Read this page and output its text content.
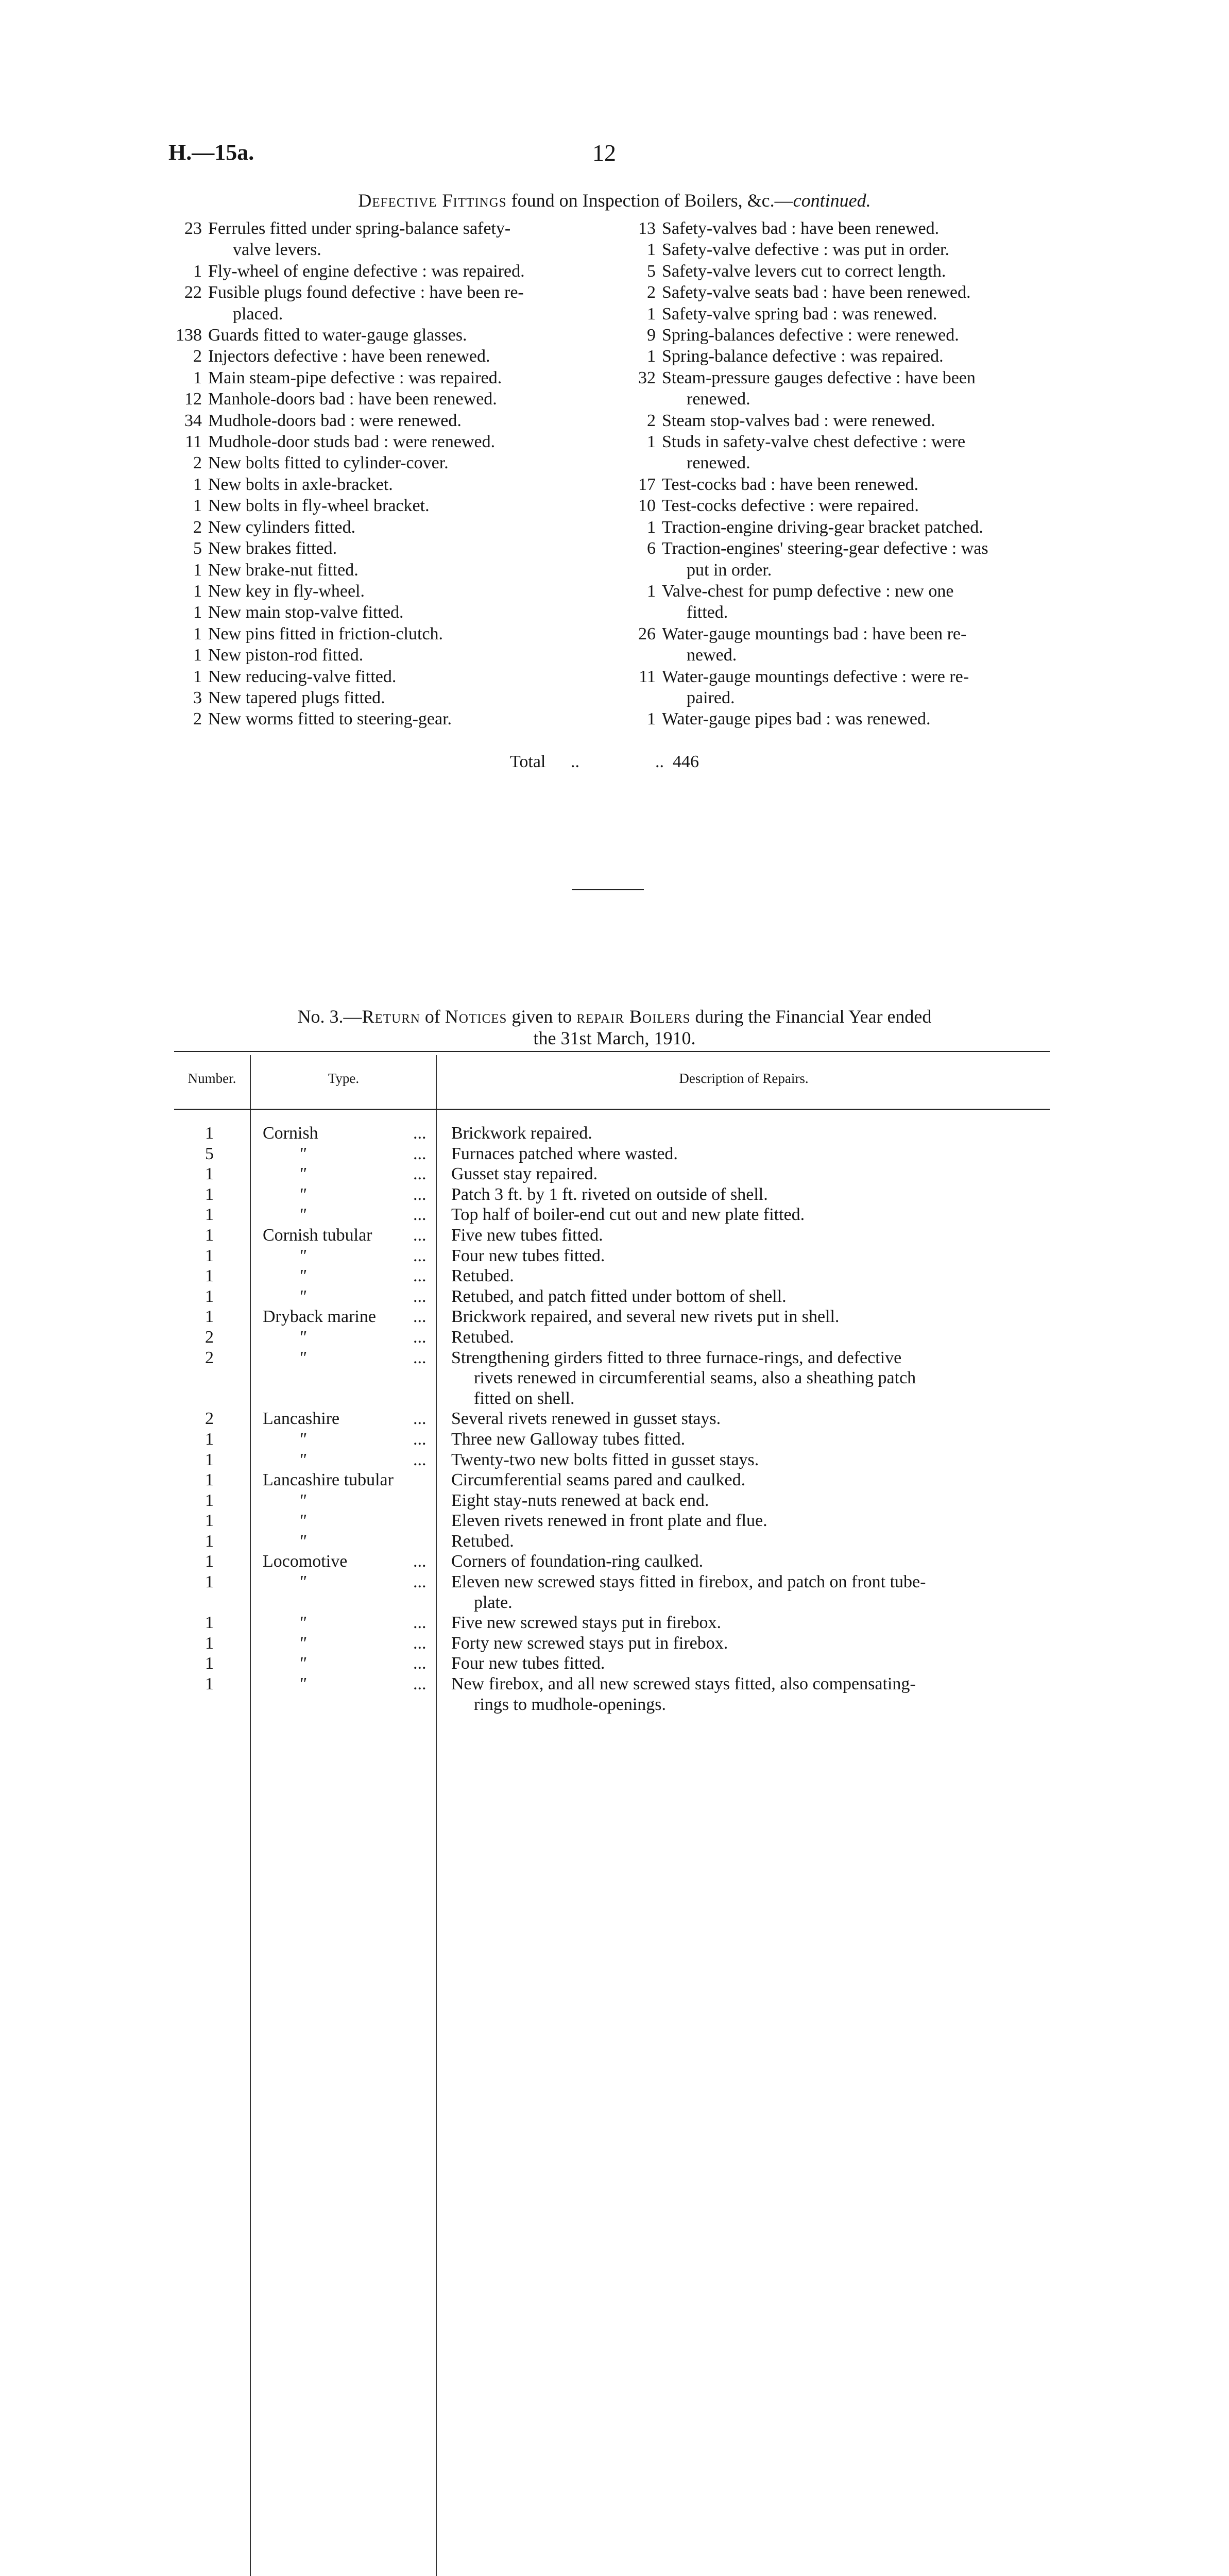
H.—15a.	12
Defective Fittings found on Inspection of Boilers, &c.—continued.
23 Ferrules fitted under spring-balance safety-
valve levers.
1 Fly-wheel of engine defective : was repaired.
22 Fusible plugs found defective : have been re-
placed.
138 Guards fitted to water-gauge glasses.
2 Injectors defective : have been renewed.
1 Main steam-pipe defective : was repaired.
12 Manhole-doors bad : have been renewed.
34 Mudhole-doors bad : were renewed.
11 Mudhole-door studs bad : were renewed.
2 New bolts fitted to cylinder-cover.
1 New bolts in axle-bracket.
1 New bolts in fly-wheel bracket.
2 New cylinders fitted.
5 New brakes fitted.
1 New brake-nut fitted.
1 New key in fly-wheel.
1 New main stop-valve fitted.
1 New pins fitted in friction-clutch.
1 New piston-rod fitted.
1 New reducing-valve fitted.
3 New tapered plugs fitted.
2 New worms fitted to steering-gear.
13 Safety-valves bad : have been renewed.
1 Safety-valve defective : was put in order.
5 Safety-valve levers cut to correct length.
2 Safety-valve seats bad : have been renewed.
1 Safety-valve spring bad : was renewed.
9 Spring-balances defective : were renewed.
1 Spring-balance defective : was repaired.
32 Steam-pressure gauges defective : have been
renewed.
2 Steam stop-valves bad : were renewed.
1 Studs in safety-valve chest defective : were
renewed.
17 Test-cocks bad : have been renewed.
10 Test-cocks defective : were repaired.
1 Traction-engine driving-gear bracket patched.
6 Traction-engines' steering-gear defective : was
put in order.
1 Valve-chest for pump defective : new one
fitted.
26 Water-gauge mountings bad : have been re-
newed.
11 Water-gauge mountings defective : were re-
paired.
1 Water-gauge pipes bad : was renewed.
Total ..	.. 446
No. 3.—Return of Notices given to repair Boilers during the Financial Year ended
the 31st March, 1910.
Number.	Type.	Description of Repairs.
1	Cornish	...	Brickwork repaired.
5	"	...	Furnaces patched where wasted.
1	"	...	Gusset stay repaired.
1	"	...	Patch 3 ft. by 1 ft. riveted on outside of shell.
1	"	...	Top half of boiler-end cut out and new plate fitted.
1	Cornish tubular	...	Five new tubes fitted.
1	"	...	Four new tubes fitted.
1	"	...	Retubed.
1	"	...	Retubed, and patch fitted under bottom of shell.
1	Dryback marine	...	Brickwork repaired, and several new rivets put in shell.
2	"	...	Retubed.
2	"	...	Strengthening girders fitted to three furnace-rings, and defective
rivets renewed in circumferential seams, also a sheathing patch
fitted on shell.
2	Lancashire	...	Several rivets renewed in gusset stays.
1	"	...	Three new Galloway tubes fitted.
1	"	...	Twenty-two new bolts fitted in gusset stays.
1	Lancashire tubular	Circumferential seams pared and caulked.
1	"	Eight stay-nuts renewed at back end.
1	"	Eleven rivets renewed in front plate and flue.
1	"	Retubed.
1	Locomotive	...	Corners of foundation-ring caulked.
1	"	...	Eleven new screwed stays fitted in firebox, and patch on front tube-
plate.
1	"	...	Five new screwed stays put in firebox.
1	"	...	Forty new screwed stays put in firebox.
1	"	...	Four new tubes fitted.
1	"	...	New firebox, and all new screwed stays fitted, also compensating-
rings to mudhole-openings.
